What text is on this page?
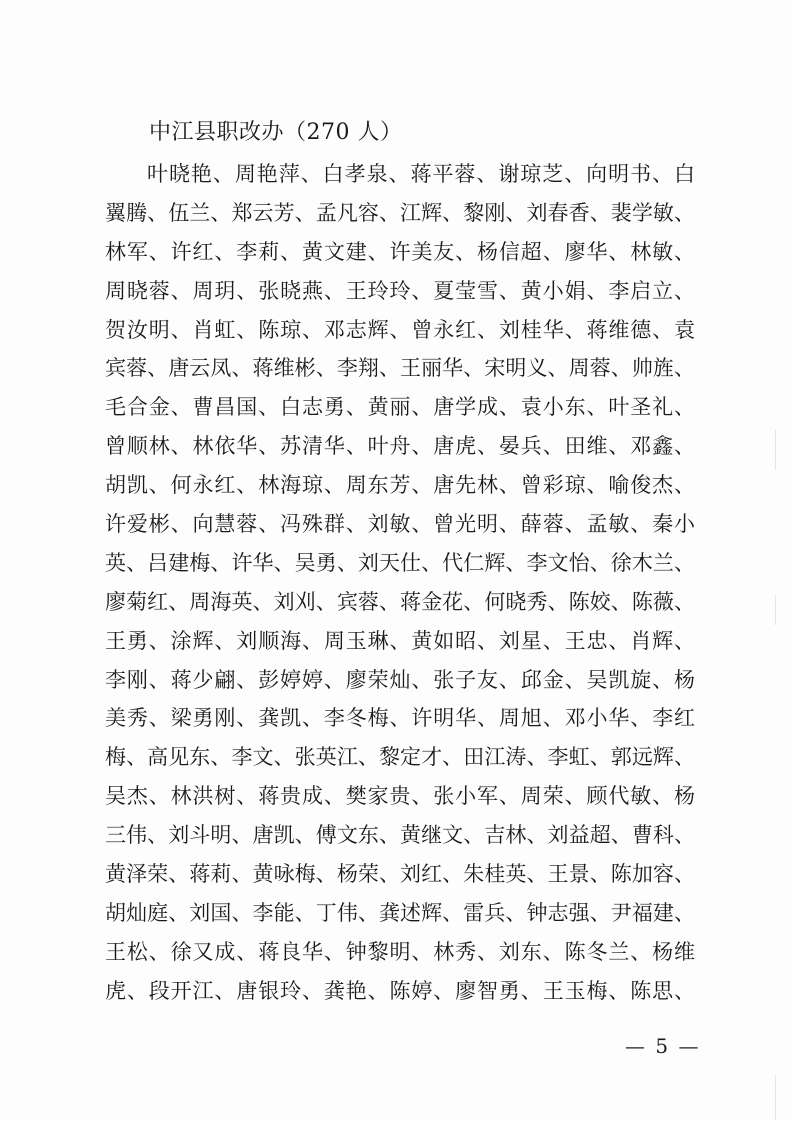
中江县职改办（270 人）
叶晓艳、周艳萍、白孝泉、蒋平蓉、谢琼芝、向明书、白
翼腾、伍兰、郑云芳、孟凡容、江辉、黎刚、刘春香、裴学敏、
林军、许红、李莉、黄文建、许美友、杨信超、廖华、林敏、
周晓蓉、周玥、张晓燕、王玲玲、夏莹雪、黄小娟、李启立、
贺汝明、肖虹、陈琼、邓志辉、曾永红、刘桂华、蒋维德、袁
宾蓉、唐云凤、蒋维彬、李翔、王丽华、宋明义、周蓉、帅旌、
毛合金、曹昌国、白志勇、黄丽、唐学成、袁小东、叶圣礼、
曾顺林、林依华、苏清华、叶舟、唐虎、晏兵、田维、邓鑫、
胡凯、何永红、林海琼、周东芳、唐先林、曾彩琼、喻俊杰、
许爱彬、向慧蓉、冯殊群、刘敏、曾光明、薛蓉、孟敏、秦小
英、吕建梅、许华、吴勇、刘天仕、代仁辉、李文怡、徐木兰、
廖菊红、周海英、刘刈、宾蓉、蒋金花、何晓秀、陈姣、陈薇、
王勇、涂辉、刘顺海、周玉琳、黄如昭、刘星、王忠、肖辉、
李刚、蒋少翩、彭婷婷、廖荣灿、张子友、邱金、吴凯旋、杨
美秀、梁勇刚、龚凯、李冬梅、许明华、周旭、邓小华、李红
梅、高见东、李文、张英江、黎定才、田江涛、李虹、郭远辉、
吴杰、林洪树、蒋贵成、樊家贵、张小军、周荣、顾代敏、杨
三伟、刘斗明、唐凯、傅文东、黄继文、吉林、刘益超、曹科、
黄泽荣、蒋莉、黄咏梅、杨荣、刘红、朱桂英、王景、陈加容、
胡灿庭、刘国、李能、丁伟、龚述辉、雷兵、钟志强、尹福建、
王松、徐又成、蒋良华、钟黎明、林秀、刘东、陈冬兰、杨维
虎、段开江、唐银玲、龚艳、陈婷、廖智勇、王玉梅、陈思、
— 5 —
